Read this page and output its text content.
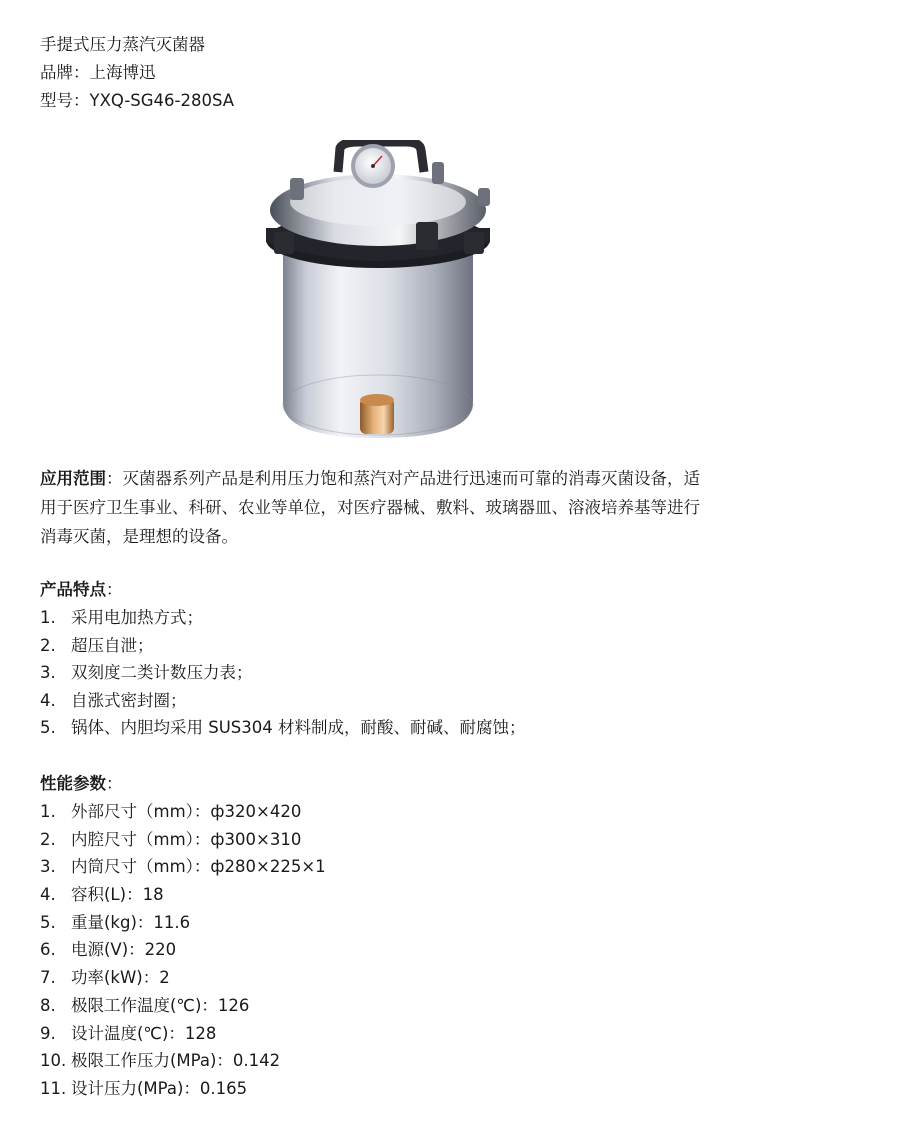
手提式压力蒸汽灭菌器
品牌：上海博迅
型号：YXQ-SG46-280SA
应用范围：灭菌器系列产品是利用压力饱和蒸汽对产品进行迅速而可靠的消毒灭菌设备，适
用于医疗卫生事业、科研、农业等单位，对医疗器械、敷料、玻璃器皿、溶液培养基等进行
消毒灭菌，是理想的设备。
产品特点：
1. 采用电加热方式；
2. 超压自泄；
3. 双刻度二类计数压力表；
4. 自涨式密封圈；
5. 锅体、内胆均采用 SUS304 材料制成，耐酸、耐碱、耐腐蚀；
性能参数：
1. 外部尺寸（mm）：ф320×420
2. 内腔尺寸（mm）：ф300×310
3. 内筒尺寸（mm）：ф280×225×1
4. 容积(L)：18
5. 重量(kg)：11.6
6. 电源(V)：220
7. 功率(kW)：2
8. 极限工作温度(℃)：126
9. 设计温度(℃)：128
10. 极限工作压力(MPa)：0.142
11. 设计压力(MPa)：0.165
